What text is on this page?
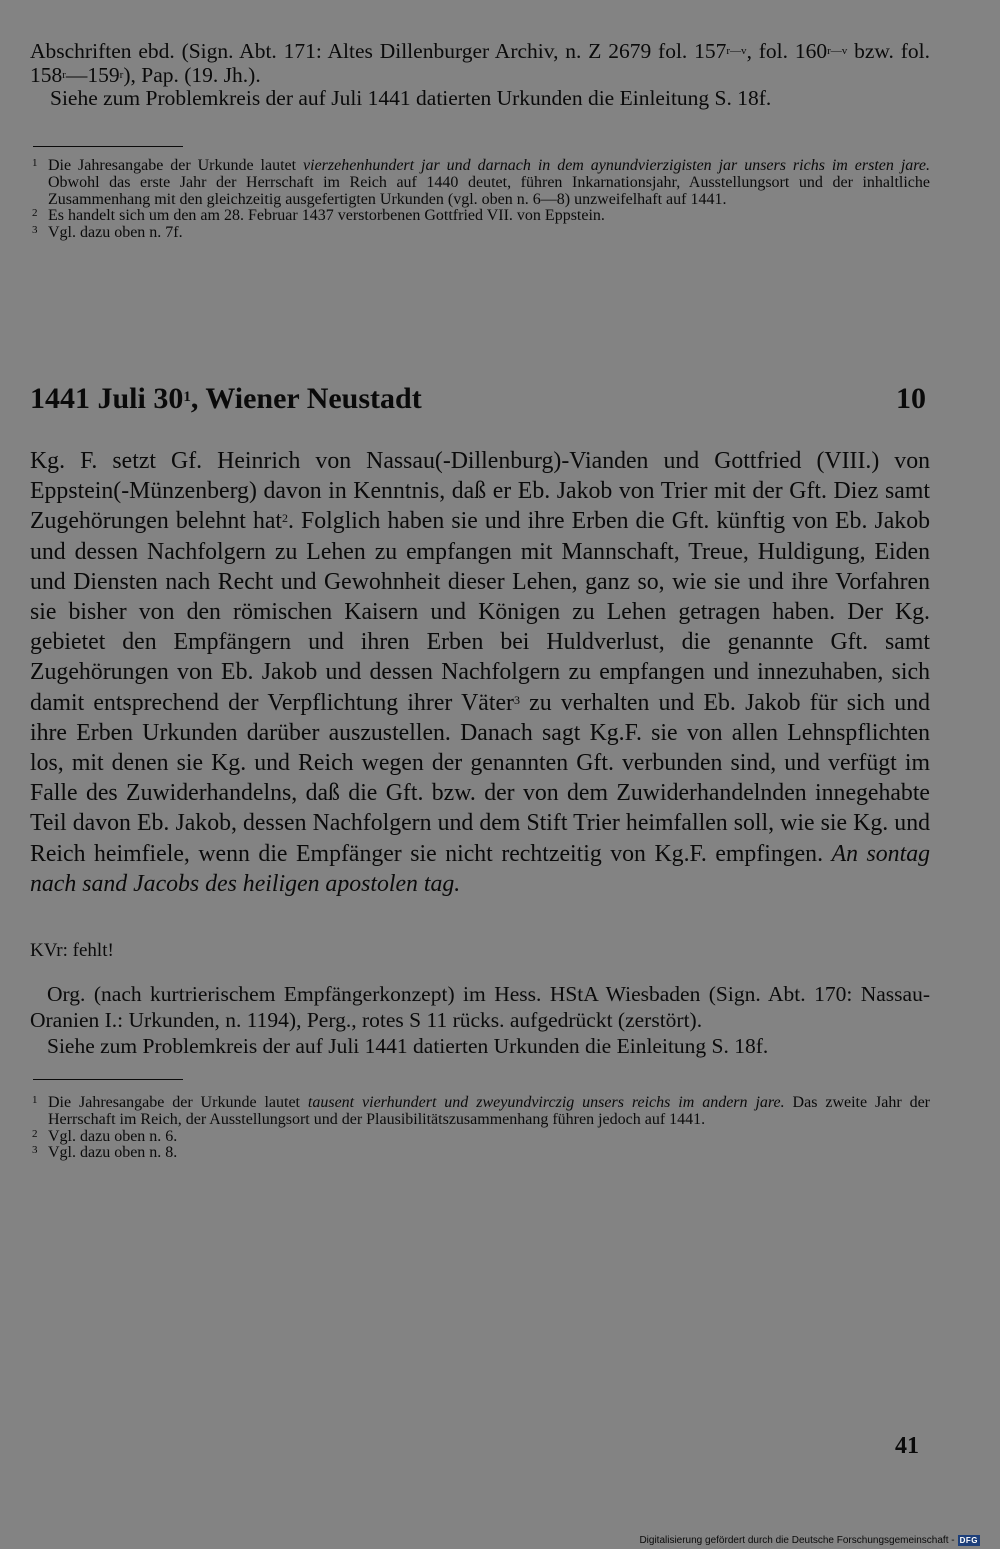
Abschriften ebd. (Sign. Abt. 171: Altes Dillenburger Archiv, n. Z 2679 fol. $157^{r—v}$, fol. $160^{r—v}$ bzw. fol. 158$^r$—159$^r$), Pap. (19. Jh.).

Siehe zum Problemkreis der auf Juli 1441 datierten Urkunden die Einleitung S. 18f.

1 Die Jahresangabe der Urkunde lautet vierzehenhundert jar und darnach in dem aynundvierzigisten jar unsers richs im ersten jare. Obwohl das erste Jahr der Herrschaft im Reich auf 1440 deutet, führen Inkarnationsjahr, Ausstellungsort und der inhaltliche Zusammenhang mit den gleichzeitig ausgefertigten Urkunden (vgl. oben n. 6—8) unzweifelhaft auf 1441.

2 Es handelt sich um den am 28. Februar 1437 verstorbenen Gottfried VII. von Eppstein.

3 Vgl. dazu oben n. 7f.

1441 Juli $30^1$, Wiener Neustadt	10

Kg. F. setzt Gf. Heinrich von Nassau(-Dillenburg)-Vianden und Gottfried (VIII.) von Eppstein(-Münzenberg) davon in Kenntnis, daß er Eb. Jakob von Trier mit der Gft. Diez samt Zugehörungen belehnt hat$^2$. Folglich haben sie und ihre Erben die Gft. künftig von Eb. Jakob und dessen Nachfolgern zu Lehen zu empfangen mit Mannschaft, Treue, Huldigung, Eiden und Diensten nach Recht und Gewohnheit dieser Lehen, ganz so, wie sie und ihre Vorfahren sie bisher von den römischen Kaisern und Königen zu Lehen getragen haben. Der Kg. gebietet den Empfängern und ihren Erben bei Huldverlust, die genannte Gft. samt Zugehörungen von Eb. Jakob und dessen Nachfolgern zu empfangen und innezuhaben, sich damit entsprechend der Verpflichtung ihrer Väter$^3$ zu verhalten und Eb. Jakob für sich und ihre Erben Urkunden darüber auszustellen. Danach sagt Kg.F. sie von allen Lehnspflichten los, mit denen sie Kg. und Reich wegen der genannten Gft. verbunden sind, und verfügt im Falle des Zuwiderhandelns, daß die Gft. bzw. der von dem Zuwiderhandelnden innegehabte Teil davon Eb. Jakob, dessen Nachfolgern und dem Stift Trier heimfallen soll, wie sie Kg. und Reich heimfiele, wenn die Empfänger sie nicht rechtzeitig von Kg.F. empfingen. An sontag nach sand Jacobs des heiligen apostolen tag.

KVr: fehlt!

Org. (nach kurtrierischem Empfängerkonzept) im Hess. HStA Wiesbaden (Sign. Abt. 170: Nassau-Oranien I.: Urkunden, n. 1194), Perg., rotes S 11 rücks. aufgedrückt (zerstört).

Siehe zum Problemkreis der auf Juli 1441 datierten Urkunden die Einleitung S. 18f.

1 Die Jahresangabe der Urkunde lautet tausent vierhundert und zweyundvirczig unsers reichs im andern jare. Das zweite Jahr der Herrschaft im Reich, der Ausstellungsort und der Plausibilitätszusammenhang führen jedoch auf 1441.

2 Vgl. dazu oben n. 6.

3 Vgl. dazu oben n. 8.

41
Digitalisierung gefördert durch die Deutsche Forschungsgemeinschaft - DFG
